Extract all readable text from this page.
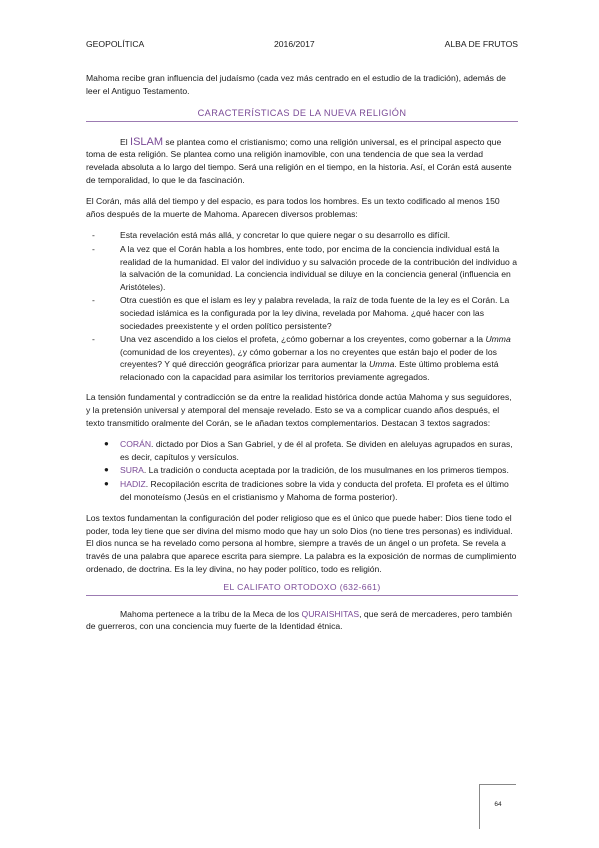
GEOPOLÍTICA	2016/2017	ALBA DE FRUTOS

Mahoma recibe gran influencia del judaísmo (cada vez más centrado en el estudio de la tradición), además de leer el Antiguo Testamento.

CARACTERÍSTICAS DE LA NUEVA RELIGIÓN

El ISLAM se plantea como el cristianismo; como una religión universal, es el principal aspecto que toma de esta religión. Se plantea como una religión inamovible, con una tendencia de que sea la verdad revelada absoluta a lo largo del tiempo. Será una religión en el tiempo, en la historia. Así, el Corán está ausente de temporalidad, lo que le da fascinación.

El Corán, más allá del tiempo y del espacio, es para todos los hombres. Es un texto codificado al menos 150 años después de la muerte de Mahoma. Aparecen diversos problemas:

-	Esta revelación está más allá, y concretar lo que quiere negar o su desarrollo es difícil.
-	A la vez que el Corán habla a los hombres, ente todo, por encima de la conciencia individual está la realidad de la humanidad. El valor del individuo y su salvación procede de la contribución del individuo a la salvación de la comunidad. La conciencia individual se diluye en la conciencia general (influencia en Aristóteles).
-	Otra cuestión es que el islam es ley y palabra revelada, la raíz de toda fuente de la ley es el Corán. La sociedad islámica es la configurada por la ley divina, revelada por Mahoma. ¿qué hacer con las sociedades preexistente y el orden político persistente?
-	Una vez ascendido a los cielos el profeta, ¿cómo gobernar a los creyentes, como gobernar a la Umma (comunidad de los creyentes), ¿y cómo gobernar a los no creyentes que están bajo el poder de los creyentes? Y qué dirección geográfica priorizar para aumentar la Umma. Este último problema está relacionado con la capacidad para asimilar los territorios previamente agregados.

La tensión fundamental y contradicción se da entre la realidad histórica donde actúa Mahoma y sus seguidores, y la pretensión universal y atemporal del mensaje revelado. Esto se va a complicar cuando años después, el texto transmitido oralmente del Corán, se le añadan textos complementarios. Destacan 3 textos sagrados:

● CORÁN. dictado por Dios a San Gabriel, y de él al profeta. Se dividen en aleluyas agrupados en suras, es decir, capítulos y versículos.
● SURA. La tradición o conducta aceptada por la tradición, de los musulmanes en los primeros tiempos.
● HADIZ. Recopilación escrita de tradiciones sobre la vida y conducta del profeta. El profeta es el último del monoteísmo (Jesús en el cristianismo y Mahoma de forma posterior).

Los textos fundamentan la configuración del poder religioso que es el único que puede haber: Dios tiene todo el poder, toda ley tiene que ser divina del mismo modo que hay un solo Dios (no tiene tres personas) es individual. El dios nunca se ha revelado como persona al hombre, siempre a través de un ángel o un profeta. Se revela a través de una palabra que aparece escrita para siempre. La palabra es la exposición de normas de cumplimiento ordenado, de doctrina. Es la ley divina, no hay poder político, todo es religión.

EL CALIFATO ORTODOXO (632-661)

Mahoma pertenece a la tribu de la Meca de los QURAISHITAS, que será de mercaderes, pero también de guerreros, con una conciencia muy fuerte de la Identidad étnica.

64
